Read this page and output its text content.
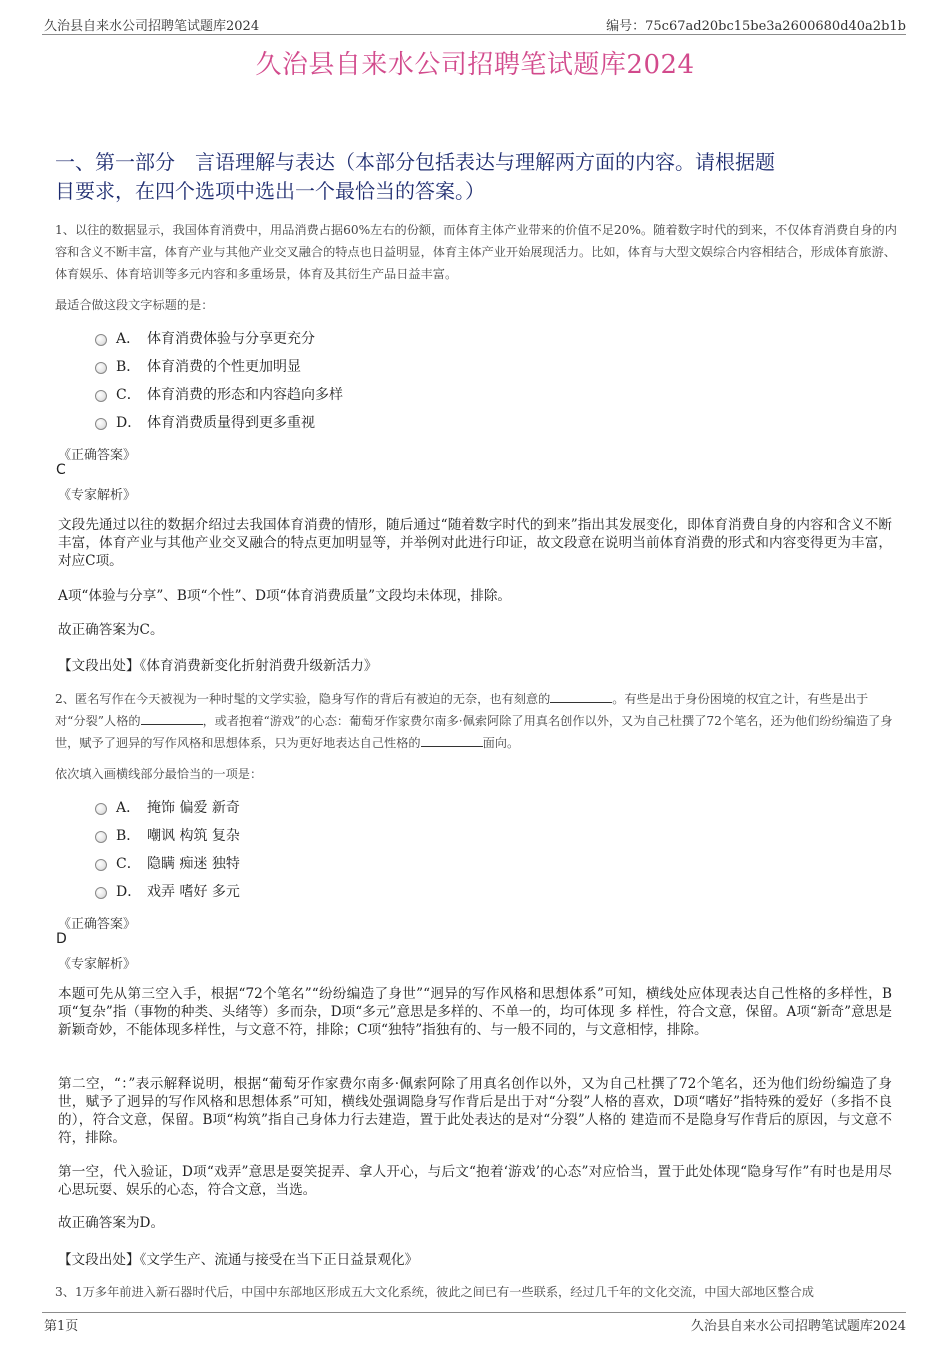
久治县自来水公司招聘笔试题库2024	编号：75c67ad20bc15be3a2600680d40a2b1b
久治县自来水公司招聘笔试题库2024
一、第一部分　言语理解与表达（本部分包括表达与理解两方面的内容。请根据题
目要求，在四个选项中选出一个最恰当的答案。）
1、以往的数据显示，我国体育消费中，用品消费占据60%左右的份额，而体育主体产业带来的价值不足20%。随着数字时代的到来，不仅体育消费自身的内容和含义不断丰富，体育产业与其他产业交叉融合的特点也日益明显，体育主体产业开始展现活力。比如，体育与大型文娱综合内容相结合，形成体育旅游、体育娱乐、体育培训等多元内容和多重场景，体育及其衍生产品日益丰富。
最适合做这段文字标题的是：
A． 体育消费体验与分享更充分
B． 体育消费的个性更加明显
C． 体育消费的形态和内容趋向多样
D． 体育消费质量得到更多重视
《正确答案》
C
《专家解析》
文段先通过以往的数据介绍过去我国体育消费的情形，随后通过“随着数字时代的到来”指出其发展变化，即体育消费自身的内容和含义不断丰富，体育产业与其他产业交叉融合的特点更加明显等，并举例对此进行印证，故文段意在说明当前体育消费的形式和内容变得更为丰富，对应C项。
A项“体验与分享”、B项“个性”、D项“体育消费质量”文段均未体现，排除。
故正确答案为C。
【文段出处】《体育消费新变化折射消费升级新活力》
2、匿名写作在今天被视为一种时髦的文学实验，隐身写作的背后有被迫的无奈，也有刻意的	。有些是出于身份困境的权宜之计，有些是出于对“分裂”人格的	，或者抱着“游戏”的心态：葡萄牙作家费尔南多·佩索阿除了用真名创作以外，又为自己杜撰了72个笔名，还为他们纷纷编造了身世，赋予了迥异的写作风格和思想体系，只为更好地表达自己性格的	面向。
依次填入画横线部分最恰当的一项是：
A． 掩饰 偏爱 新奇
B． 嘲讽 构筑 复杂
C． 隐瞒 痴迷 独特
D． 戏弄 嗜好 多元
《正确答案》
D
《专家解析》
本题可先从第三空入手，根据“72个笔名”“纷纷编造了身世”“迥异的写作风格和思想体系”可知，横线处应体现表达自己性格的多样性，B项“复杂”指（事物的种类、头绪等）多而杂，D项“多元”意思是多样的、不单一的，均可体现 多 样性，符合文意，保留。A项“新奇”意思是新颖奇妙，不能体现多样性，与文意不符，排除；C项“独特”指独有的、与一般不同的，与文意相悖，排除。
第二空，“：”表示解释说明，根据“葡萄牙作家费尔南多·佩索阿除了用真名创作以外，又为自己杜撰了72个笔名，还为他们纷纷编造了身世，赋予了迥异的写作风格和思想体系”可知，横线处强调隐身写作背后是出于对“分裂”人格的喜欢，D项“嗜好”指特殊的爱好（多指不良的），符合文意，保留。B项“构筑”指自己身体力行去建造，置于此处表达的是对“分裂”人格的 建造而不是隐身写作背后的原因，与文意不符，排除。
第一空，代入验证，D项“戏弄”意思是耍笑捉弄、拿人开心，与后文“抱着‘游戏’的心态”对应恰当，置于此处体现“隐身写作”有时也是用尽心思玩耍、娱乐的心态，符合文意，当选。
故正确答案为D。
【文段出处】《文学生产、流通与接受在当下正日益景观化》
3、1万多年前进入新石器时代后，中国中东部地区形成五大文化系统，彼此之间已有一些联系，经过几千年的文化交流，中国大部地区整合成
第1页	久治县自来水公司招聘笔试题库2024
